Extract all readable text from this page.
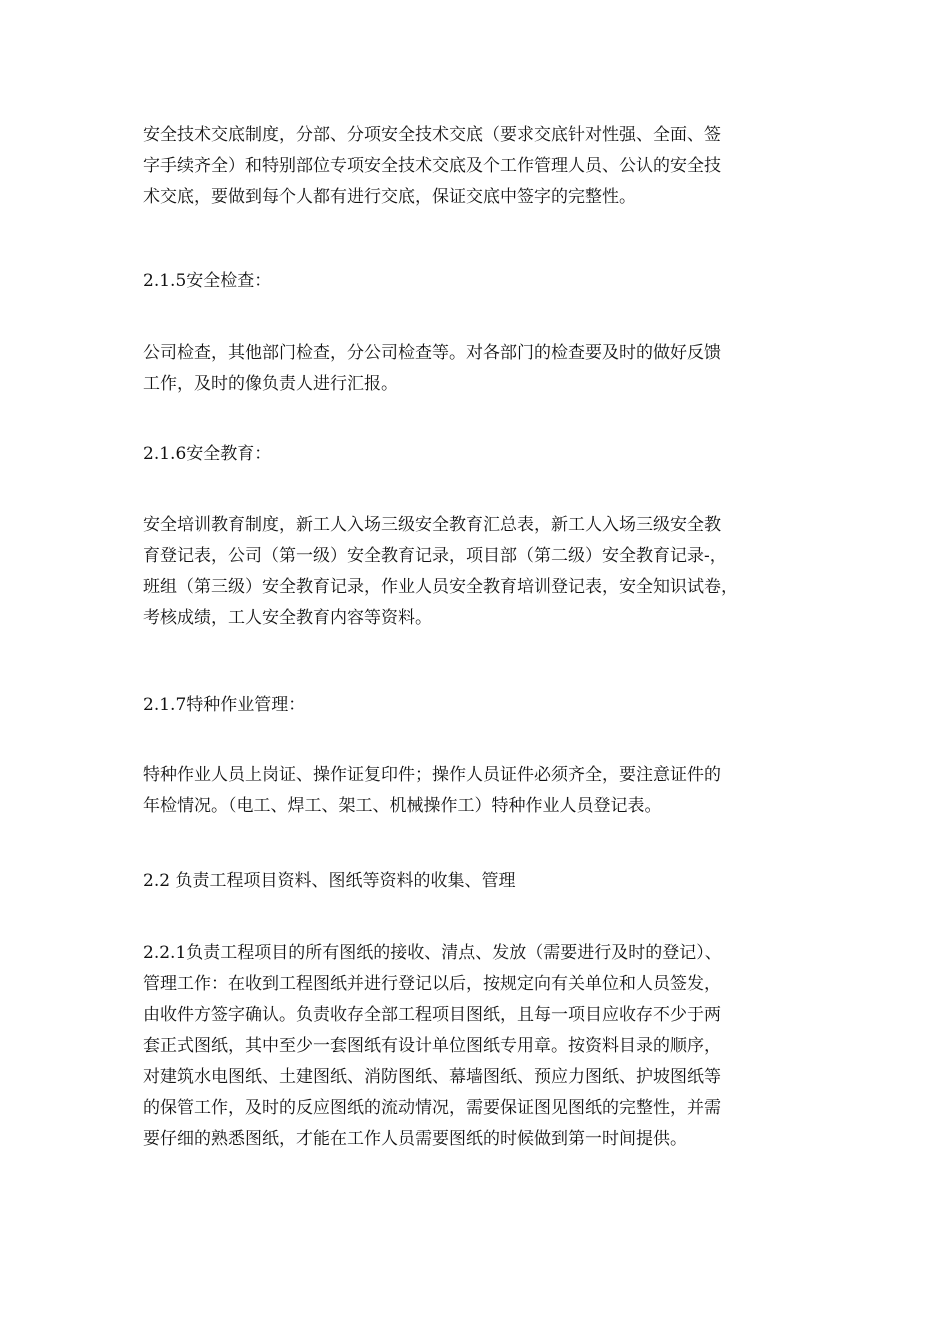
安全技术交底制度，分部、分项安全技术交底（要求交底针对性强、全面、签
字手续齐全）和特别部位专项安全技术交底及个工作管理人员、公认的安全技
术交底，要做到每个人都有进行交底，保证交底中签字的完整性。
2.1.5安全检查：
公司检查，其他部门检查，分公司检查等。对各部门的检查要及时的做好反馈
工作，及时的像负责人进行汇报。
2.1.6安全教育：
安全培训教育制度，新工人入场三级安全教育汇总表，新工人入场三级安全教
育登记表，公司（第一级）安全教育记录，项目部（第二级）安全教育记录-，
班组（第三级）安全教育记录，作业人员安全教育培训登记表，安全知识试卷，
考核成绩，工人安全教育内容等资料。
2.1.7特种作业管理：
特种作业人员上岗证、操作证复印件；操作人员证件必须齐全，要注意证件的
年检情况。（电工、焊工、架工、机械操作工）特种作业人员登记表。
2.2 负责工程项目资料、图纸等资料的收集、管理
2.2.1负责工程项目的所有图纸的接收、清点、发放（需要进行及时的登记）、
管理工作：在收到工程图纸并进行登记以后，按规定向有关单位和人员签发，
由收件方签字确认。负责收存全部工程项目图纸，且每一项目应收存不少于两
套正式图纸，其中至少一套图纸有设计单位图纸专用章。按资料目录的顺序，
对建筑水电图纸、土建图纸、消防图纸、幕墙图纸、预应力图纸、护坡图纸等
的保管工作，及时的反应图纸的流动情况，需要保证图见图纸的完整性，并需
要仔细的熟悉图纸，才能在工作人员需要图纸的时候做到第一时间提供。
